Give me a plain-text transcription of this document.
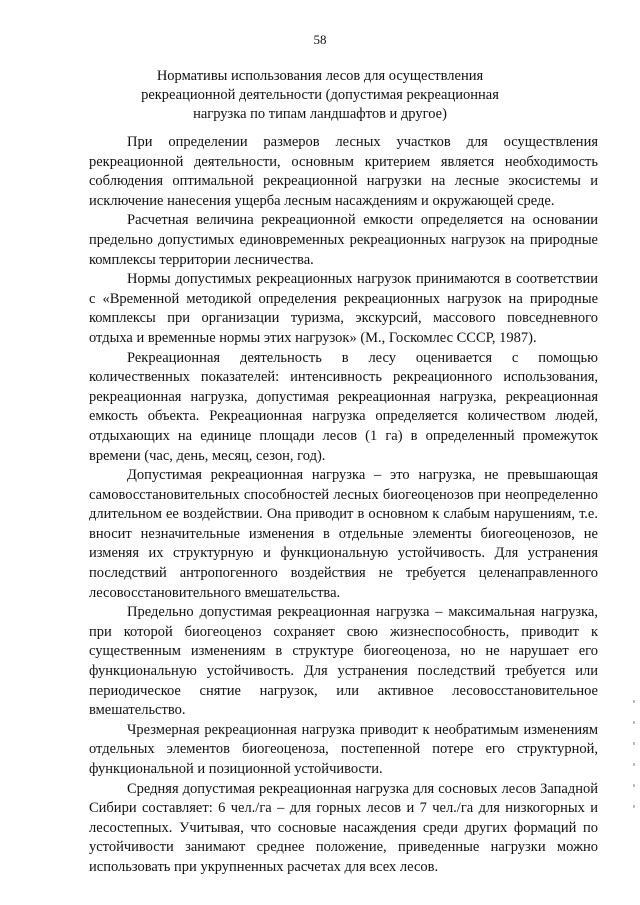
58
Нормативы использования лесов для осуществления
рекреационной деятельности (допустимая рекреационная
нагрузка по типам ландшафтов и другое)

При определении размеров лесных участков для осуществления рекреационной деятельности, основным критерием является необходимость соблюдения оптимальной рекреационной нагрузки на лесные экосистемы и исключение нанесения ущерба лесным насаждениям и окружающей среде.

Расчетная величина рекреационной емкости определяется на основании предельно допустимых единовременных рекреационных нагрузок на природные комплексы территории лесничества.

Нормы допустимых рекреационных нагрузок принимаются в соответствии с «Временной методикой определения рекреационных нагрузок на природные комплексы при организации туризма, экскурсий, массового повседневного отдыха и временные нормы этих нагрузок» (М., Госкомлес СССР, 1987).

Рекреационная деятельность в лесу оценивается с помощью количественных показателей: интенсивность рекреационного использования, рекреационная нагрузка, допустимая рекреационная нагрузка, рекреационная емкость объекта. Рекреационная нагрузка определяется количеством людей, отдыхающих на единице площади лесов (1 га) в определенный промежуток времени (час, день, месяц, сезон, год).

Допустимая рекреационная нагрузка – это нагрузка, не превышающая самовосстановительных способностей лесных биогеоценозов при неопределенно длительном ее воздействии. Она приводит в основном к слабым нарушениям, т.е. вносит незначительные изменения в отдельные элементы биогеоценозов, не изменяя их структурную и функциональную устойчивость. Для устранения последствий антропогенного воздействия не требуется целенаправленного лесовосстановительного вмешательства.

Предельно допустимая рекреационная нагрузка – максимальная нагрузка, при которой биогеоценоз сохраняет свою жизнеспособность, приводит к существенным изменениям в структуре биогеоценоза, но не нарушает его функциональную устойчивость. Для устранения последствий требуется или периодическое снятие нагрузок, или активное лесовосстановительное вмешательство.

Чрезмерная рекреационная нагрузка приводит к необратимым изменениям отдельных элементов биогеоценоза, постепенной потере его структурной, функциональной и позиционной устойчивости.

Средняя допустимая рекреационная нагрузка для сосновых лесов Западной Сибири составляет: 6 чел./га – для горных лесов и 7 чел./га для низкогорных и лесостепных. Учитывая, что сосновые насаждения среди других формаций по устойчивости занимают среднее положение, приведенные нагрузки можно использовать при укрупненных расчетах для всех лесов.
